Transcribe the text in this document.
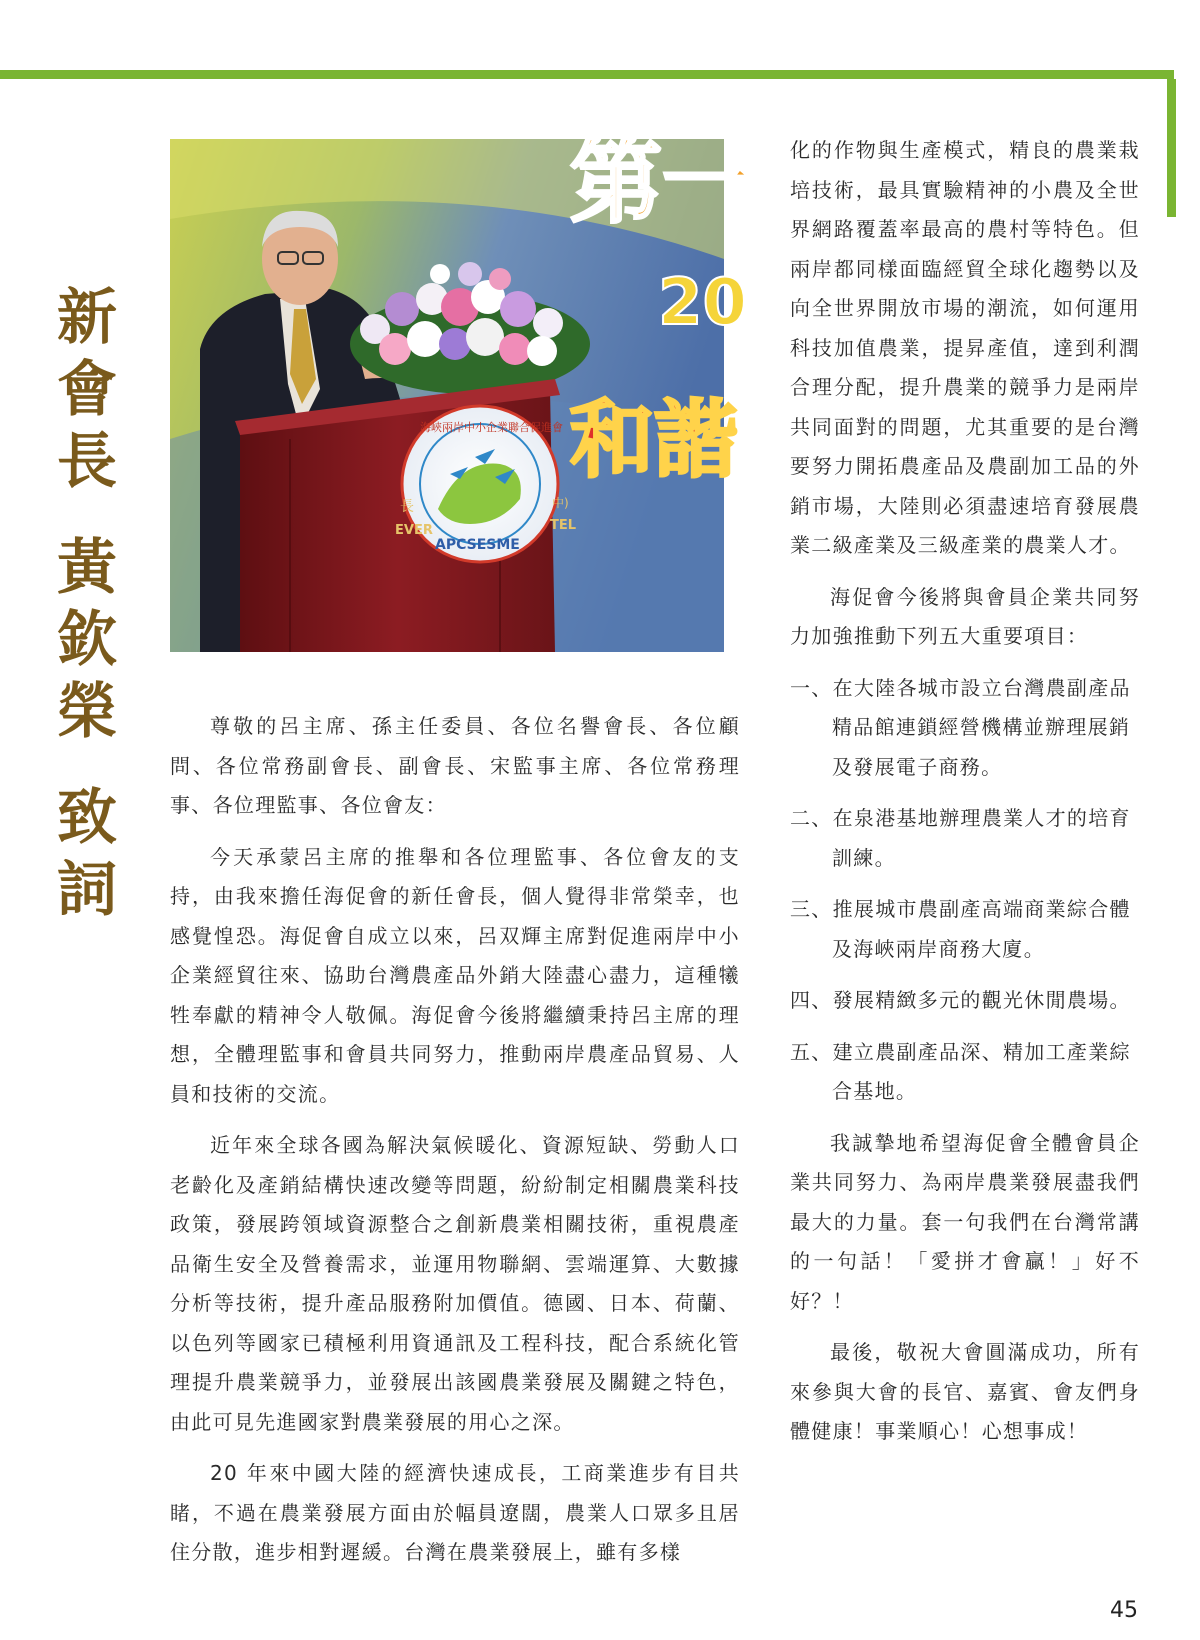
新
會
長
黃
欽
榮
致
詞
第一
20
和諧
海峽兩岸中小企業聯合促進會
APCSESME
EVER	TEL
長	中)

尊敬的呂主席、孫主任委員、各位名譽會長、各位顧問、各位常務副會長、副會長、宋監事主席、各位常務理事、各位理監事、各位會友：

今天承蒙呂主席的推舉和各位理監事、各位會友的支持，由我來擔任海促會的新任會長，個人覺得非常榮幸，也感覺惶恐。海促會自成立以來，呂双輝主席對促進兩岸中小企業經貿往來、協助台灣農產品外銷大陸盡心盡力，這種犧牲奉獻的精神令人敬佩。海促會今後將繼續秉持呂主席的理想，全體理監事和會員共同努力，推動兩岸農產品貿易、人員和技術的交流。

近年來全球各國為解決氣候暖化、資源短缺、勞動人口老齡化及產銷結構快速改變等問題，紛紛制定相關農業科技政策，發展跨領域資源整合之創新農業相關技術，重視農產品衛生安全及營養需求，並運用物聯網、雲端運算、大數據分析等技術，提升產品服務附加價值。德國、日本、荷蘭、以色列等國家已積極利用資通訊及工程科技，配合系統化管理提升農業競爭力，並發展出該國農業發展及關鍵之特色，由此可見先進國家對農業發展的用心之深。

20 年來中國大陸的經濟快速成長，工商業進步有目共睹，不過在農業發展方面由於幅員遼闊，農業人口眾多且居住分散，進步相對遲緩。台灣在農業發展上，雖有多樣

化的作物與生產模式，精良的農業栽培技術，最具實驗精神的小農及全世界網路覆蓋率最高的農村等特色。但兩岸都同樣面臨經貿全球化趨勢以及向全世界開放市場的潮流，如何運用科技加值農業，提昇產值，達到利潤合理分配，提升農業的競爭力是兩岸共同面對的問題，尤其重要的是台灣要努力開拓農產品及農副加工品的外銷市場，大陸則必須盡速培育發展農業二級產業及三級產業的農業人才。

海促會今後將與會員企業共同努力加強推動下列五大重要項目：

一、在大陸各城市設立台灣農副產品精品館連鎖經營機構並辦理展銷及發展電子商務。
二、在泉港基地辦理農業人才的培育訓練。
三、推展城市農副產高端商業綜合體及海峽兩岸商務大廈。
四、發展精緻多元的觀光休閒農場。
五、建立農副產品深、精加工產業綜合基地。

我誠摯地希望海促會全體會員企業共同努力、為兩岸農業發展盡我們最大的力量。套一句我們在台灣常講的一句話！「愛拼才會贏！」好不好？！

最後，敬祝大會圓滿成功，所有來參與大會的長官、嘉賓、會友們身體健康！事業順心！心想事成！

45
